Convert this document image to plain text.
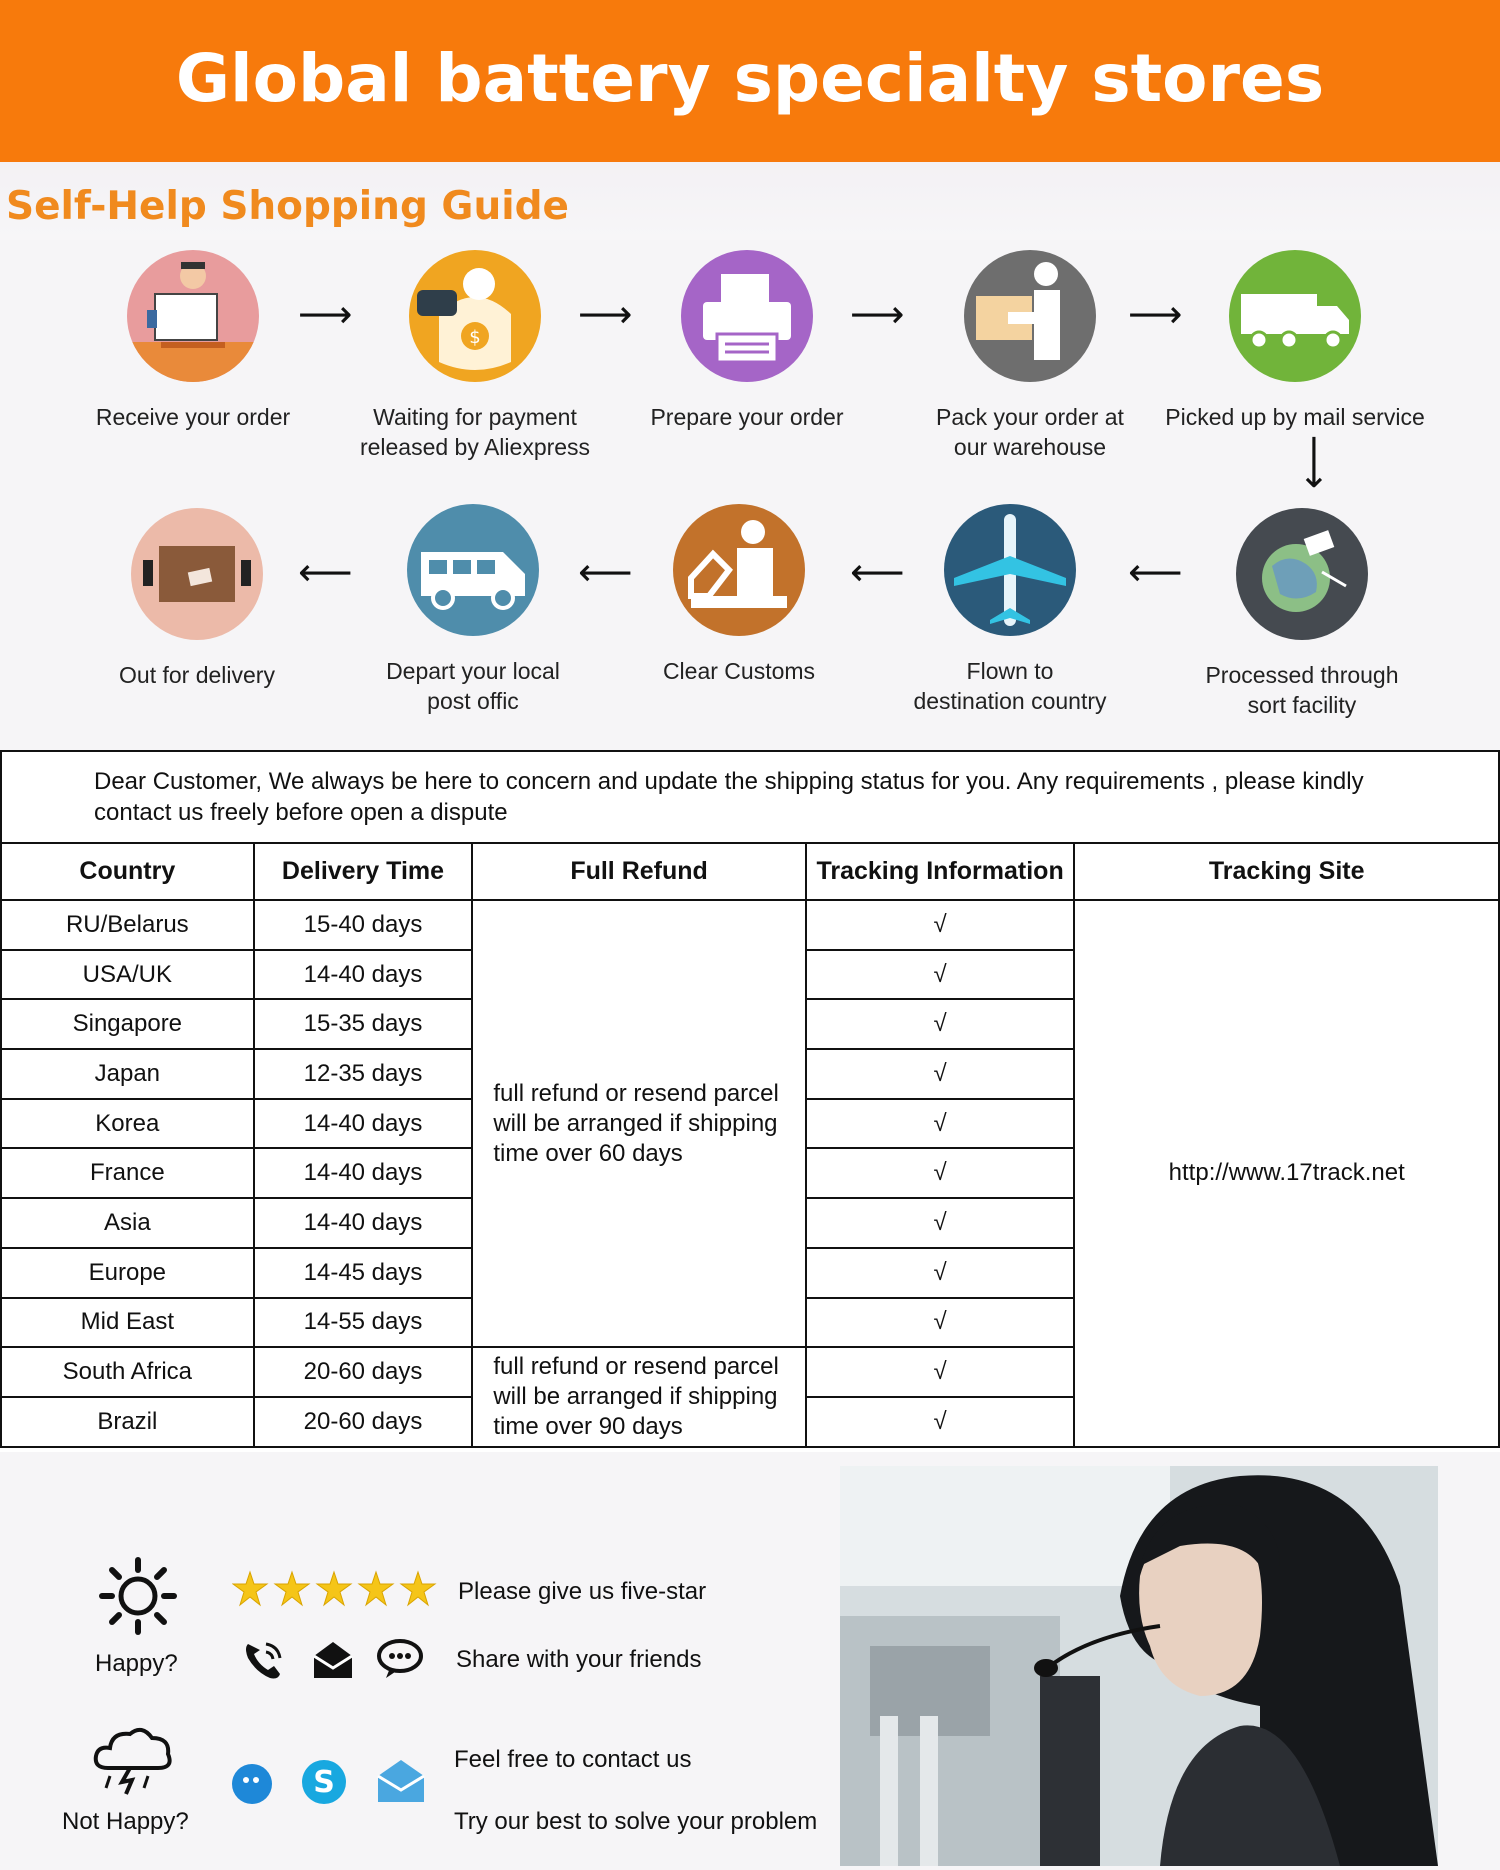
Global battery specialty stores
Self-Help Shopping Guide
Receive your order
⟶
$
Waiting for payment
released by Aliexpress
⟶
Prepare your order
⟶
Pack your order at
our warehouse
⟶
Picked up by mail service
⟶
Processed through
sort facility
⟵
Flown to
destination country
⟵
Clear Customs
⟵
Depart your local
post offic
⟵
Out for delivery

Dear Customer, We always be here to concern and update the shipping status for you. Any requirements , please kindly contact us freely before open a dispute

Country	Delivery Time	Full Refund	Tracking Information	Tracking Site
RU/Belarus	15-40 days	full refund or resend parcel will be arranged if shipping time over 60 days	√	http://www.17track.net
USA/UK	14-40 days		√	
Singapore	15-35 days		√	
Japan	12-35 days		√	
Korea	14-40 days		√	
France	14-40 days		√	
Asia	14-40 days		√	
Europe	14-45 days		√	
Mid East	14-55 days		√	
South Africa	20-60 days	full refund or resend parcel will be arranged if shipping time over 90 days	√	
Brazil	20-60 days		√	
Happy?
Please give us five-star
Share with your friends
Not Happy?
S
Feel free to contact us
Try our best to solve your problem
